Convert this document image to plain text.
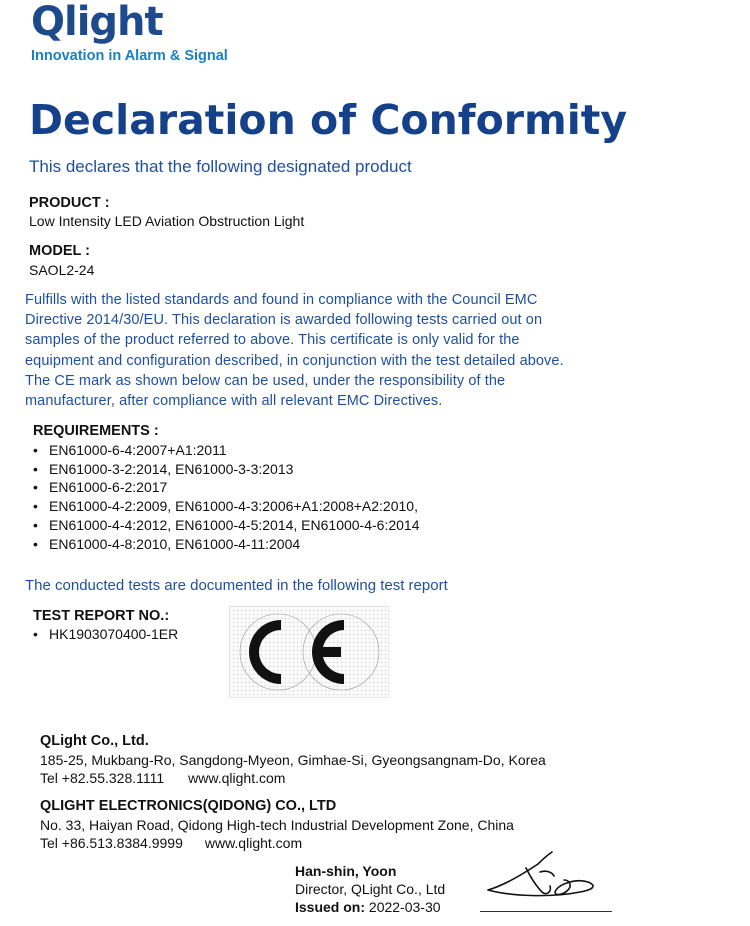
Qlight
Innovation in Alarm & Signal
Declaration of Conformity
This declares that the following designated product
PRODUCT :
Low Intensity LED Aviation Obstruction Light
MODEL :
SAOL2-24
Fulfills with the listed standards and found in compliance with the Council EMC
Directive 2014/30/EU. This declaration is awarded following tests carried out on
samples of the product referred to above. This certificate is only valid for the
equipment and configuration described, in conjunction with the test detailed above.
The CE mark as shown below can be used, under the responsibility of the
manufacturer, after compliance with all relevant EMC Directives.
REQUIREMENTS :
• EN61000-6-4:2007+A1:2011
• EN61000-3-2:2014, EN61000-3-3:2013
• EN61000-6-2:2017
• EN61000-4-2:2009, EN61000-4-3:2006+A1:2008+A2:2010,
• EN61000-4-4:2012, EN61000-4-5:2014, EN61000-4-6:2014
• EN61000-4-8:2010, EN61000-4-11:2004
The conducted tests are documented in the following test report
TEST REPORT NO.:
• HK1903070400-1ER
QLight Co., Ltd.
185-25, Mukbang-Ro, Sangdong-Myeon, Gimhae-Si, Gyeongsangnam-Do, Korea
Tel +82.55.328.1111 www.qlight.com
QLIGHT ELECTRONICS(QIDONG) CO., LTD
No. 33, Haiyan Road, Qidong High-tech Industrial Development Zone, China
Tel +86.513.8384.9999 www.qlight.com
Han-shin, Yoon
Director, QLight Co., Ltd
Issued on: 2022-03-30
